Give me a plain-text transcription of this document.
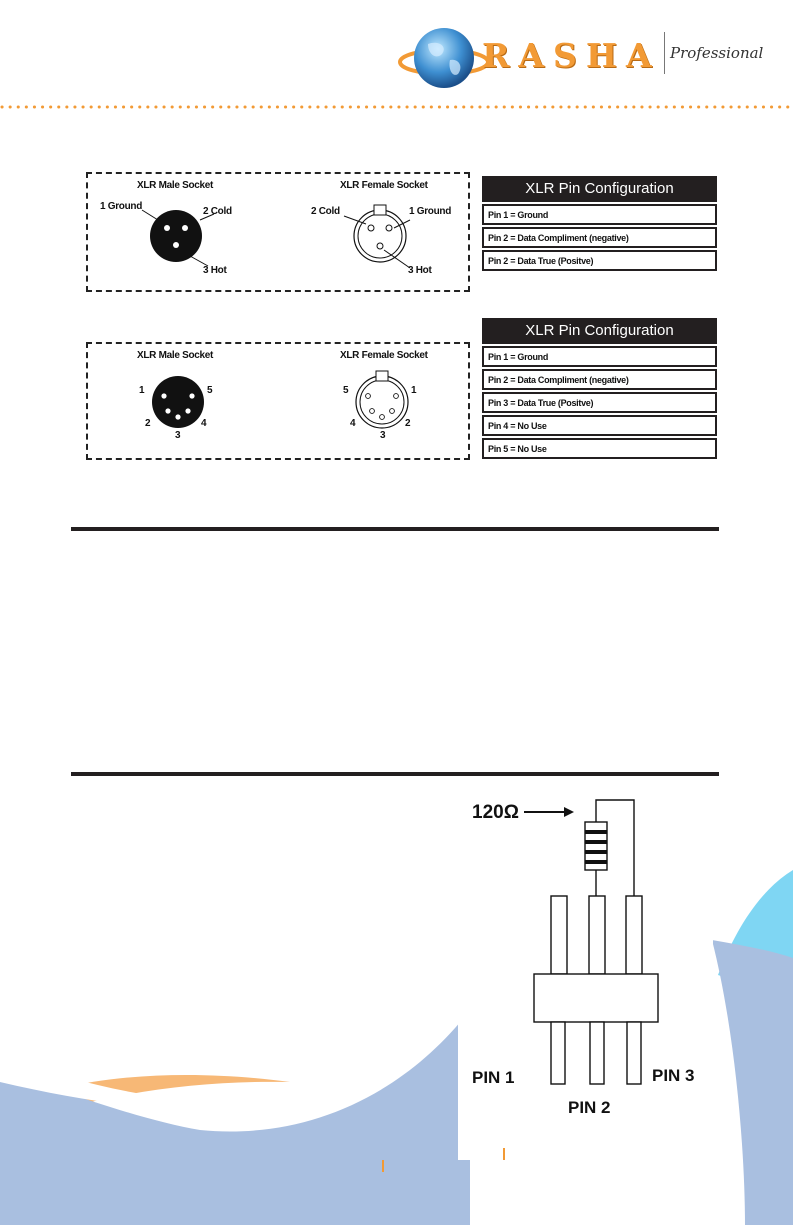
RASHA Professional
XLR Male Socket	XLR Female Socket
1 Ground	2 Cold
3 Hot
2 Cold	1 Ground
3 Hot
XLR Pin Configuration
Pin 1 = Ground
Pin 2 = Data Compliment (negative)
Pin 2 = Data True (Positve)
XLR Male Socket	XLR Female Socket
1	5
2	4
3
5	1
4	2
3
XLR Pin Configuration
Pin 1 = Ground
Pin 2 = Data Compliment (negative)
Pin 3 = Data True (Positve)
Pin 4 = No Use
Pin 5 = No Use
120Ω
PIN 1
PIN 2
PIN 3
